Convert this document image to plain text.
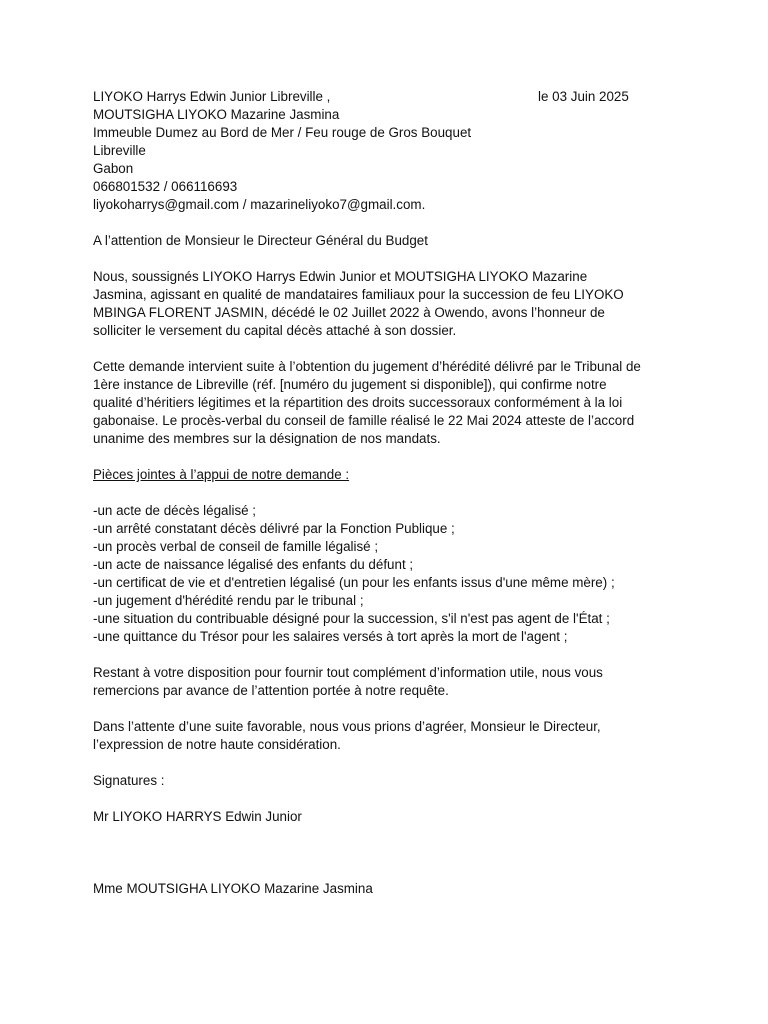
LIYOKO Harrys Edwin Junior Libreville ,	le 03 Juin 2025
MOUTSIGHA LIYOKO Mazarine Jasmina
Immeuble Dumez au Bord de Mer / Feu rouge de Gros Bouquet
Libreville
Gabon
066801532 / 066116693
liyokoharrys@gmail.com / mazarineliyoko7@gmail.com.
A l’attention de Monsieur le Directeur Général du Budget
Nous, soussignés LIYOKO Harrys Edwin Junior et MOUTSIGHA LIYOKO Mazarine
Jasmina, agissant en qualité de mandataires familiaux pour la succession de feu LIYOKO
MBINGA FLORENT JASMIN, décédé le 02 Juillet 2022 à Owendo, avons l’honneur de
solliciter le versement du capital décès attaché à son dossier.
Cette demande intervient suite à l’obtention du jugement d’hérédité délivré par le Tribunal de
1ère instance de Libreville (réf. [numéro du jugement si disponible]), qui confirme notre
qualité d’héritiers légitimes et la répartition des droits successoraux conformément à la loi
gabonaise. Le procès-verbal du conseil de famille réalisé le 22 Mai 2024 atteste de l’accord
unanime des membres sur la désignation de nos mandats.
Pièces jointes à l’appui de notre demande :
-un acte de décès légalisé ;
-un arrêté constatant décès délivré par la Fonction Publique ;
-un procès verbal de conseil de famille légalisé ;
-un acte de naissance légalisé des enfants du défunt ;
-un certificat de vie et d'entretien légalisé (un pour les enfants issus d'une même mère) ;
-un jugement d'hérédité rendu par le tribunal ;
-une situation du contribuable désigné pour la succession, s'il n'est pas agent de l'État ;
-une quittance du Trésor pour les salaires versés à tort après la mort de l'agent ;
Restant à votre disposition pour fournir tout complément d’information utile, nous vous
remercions par avance de l’attention portée à notre requête.
Dans l’attente d’une suite favorable, nous vous prions d’agréer, Monsieur le Directeur,
l’expression de notre haute considération.
Signatures :
Mr LIYOKO HARRYS Edwin Junior
Mme MOUTSIGHA LIYOKO Mazarine Jasmina
